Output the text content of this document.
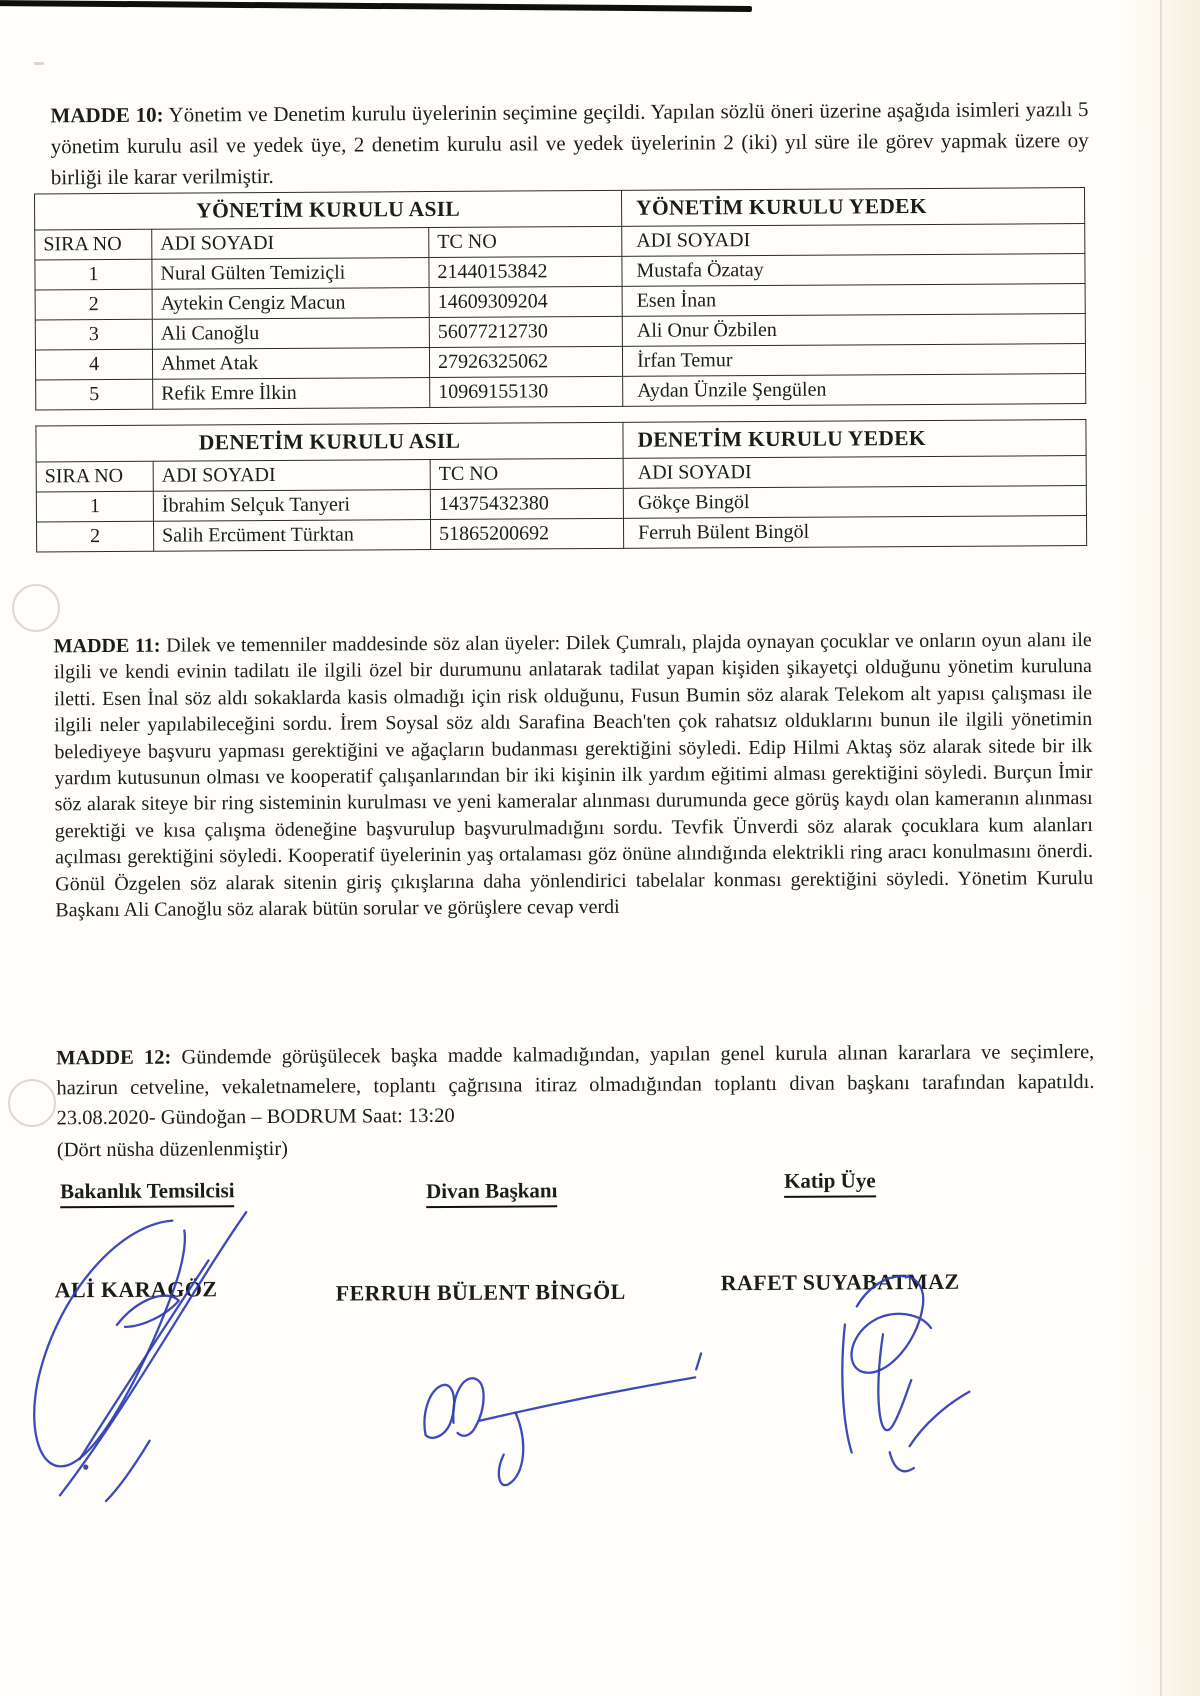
MADDE 10: Yönetim ve Denetim kurulu üyelerinin seçimine geçildi. Yapılan sözlü öneri üzerine aşağıda isimleri yazılı 5 yönetim kurulu asil ve yedek üye, 2 denetim kurulu asil ve yedek üyelerinin 2 (iki) yıl süre ile görev yapmak üzere oy birliği ile karar verilmiştir.

YÖNETİM KURULU ASIL			YÖNETİM KURULU YEDEK
SIRA NO	ADI SOYADI	TC NO	ADI SOYADI
1	Nural Gülten Temiziçli	21440153842	Mustafa Özatay
2	Aytekin Cengiz Macun	14609309204	Esen İnan
3	Ali Canoğlu	56077212730	Ali Onur Özbilen
4	Ahmet Atak	27926325062	İrfan Temur
5	Refik Emre İlkin	10969155130	Aydan Ünzile Şengülen
DENETİM KURULU ASIL			DENETİM KURULU YEDEK
SIRA NO	ADI SOYADI	TC NO	ADI SOYADI
1	İbrahim Selçuk Tanyeri	14375432380	Gökçe Bingöl
2	Salih Ercüment Türktan	51865200692	Ferruh Bülent Bingöl

MADDE 11: Dilek ve temenniler maddesinde söz alan üyeler: Dilek Çumralı, plajda oynayan çocuklar ve onların oyun alanı ile ilgili ve kendi evinin tadilatı ile ilgili özel bir durumunu anlatarak tadilat yapan kişiden şikayetçi olduğunu yönetim kuruluna iletti. Esen İnal söz aldı sokaklarda kasis olmadığı için risk olduğunu, Fusun Bumin söz alarak Telekom alt yapısı çalışması ile ilgili neler yapılabileceğini sordu. İrem Soysal söz aldı Sarafina Beach'ten çok rahatsız olduklarını bunun ile ilgili yönetimin belediyeye başvuru yapması gerektiğini ve ağaçların budanması gerektiğini söyledi. Edip Hilmi Aktaş söz alarak sitede bir ilk yardım kutusunun olması ve kooperatif çalışanlarından bir iki kişinin ilk yardım eğitimi alması gerektiğini söyledi. Burçun İmir söz alarak siteye bir ring sisteminin kurulması ve yeni kameralar alınması durumunda gece görüş kaydı olan kameranın alınması gerektiği ve kısa çalışma ödeneğine başvurulup başvurulmadığını sordu. Tevfik Ünverdi söz alarak çocuklara kum alanları açılması gerektiğini söyledi. Kooperatif üyelerinin yaş ortalaması göz önüne alındığında elektrikli ring aracı konulmasını önerdi. Gönül Özgelen söz alarak sitenin giriş çıkışlarına daha yönlendirici tabelalar konması gerektiğini söyledi. Yönetim Kurulu Başkanı Ali Canoğlu söz alarak bütün sorular ve görüşlere cevap verdi

MADDE 12: Gündemde görüşülecek başka madde kalmadığından, yapılan genel kurula alınan kararlara ve seçimlere, hazirun cetveline, vekaletnamelere, toplantı çağrısına itiraz olmadığından toplantı divan başkanı tarafından kapatıldı. 23.08.2020- Gündoğan – BODRUM Saat: 13:20
(Dört nüsha düzenlenmiştir)
Bakanlık Temsilcisi	Divan Başkanı	Katip Üye
ALİ KARAGÖZ	FERRUH BÜLENT BİNGÖL	RAFET SUYABATMAZ
